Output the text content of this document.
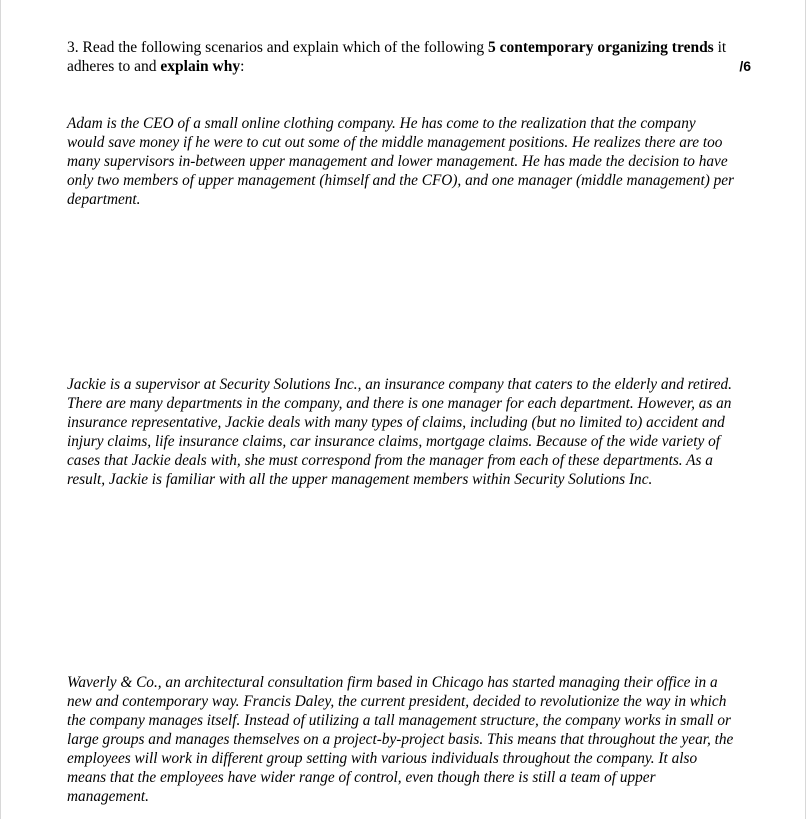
3. Read the following scenarios and explain which of the following 5 contemporary organizing trends it
adheres to and explain why:	/6
Adam is the CEO of a small online clothing company. He has come to the realization that the company
would save money if he were to cut out some of the middle management positions. He realizes there are too
many supervisors in-between upper management and lower management. He has made the decision to have
only two members of upper management (himself and the CFO), and one manager (middle management) per
department.
Jackie is a supervisor at Security Solutions Inc., an insurance company that caters to the elderly and retired.
There are many departments in the company, and there is one manager for each department. However, as an
insurance representative, Jackie deals with many types of claims, including (but no limited to) accident and
injury claims, life insurance claims, car insurance claims, mortgage claims. Because of the wide variety of
cases that Jackie deals with, she must correspond from the manager from each of these departments. As a
result, Jackie is familiar with all the upper management members within Security Solutions Inc.
Waverly & Co., an architectural consultation firm based in Chicago has started managing their office in a
new and contemporary way. Francis Daley, the current president, decided to revolutionize the way in which
the company manages itself. Instead of utilizing a tall management structure, the company works in small or
large groups and manages themselves on a project-by-project basis. This means that throughout the year, the
employees will work in different group setting with various individuals throughout the company. It also
means that the employees have wider range of control, even though there is still a team of upper
management.
